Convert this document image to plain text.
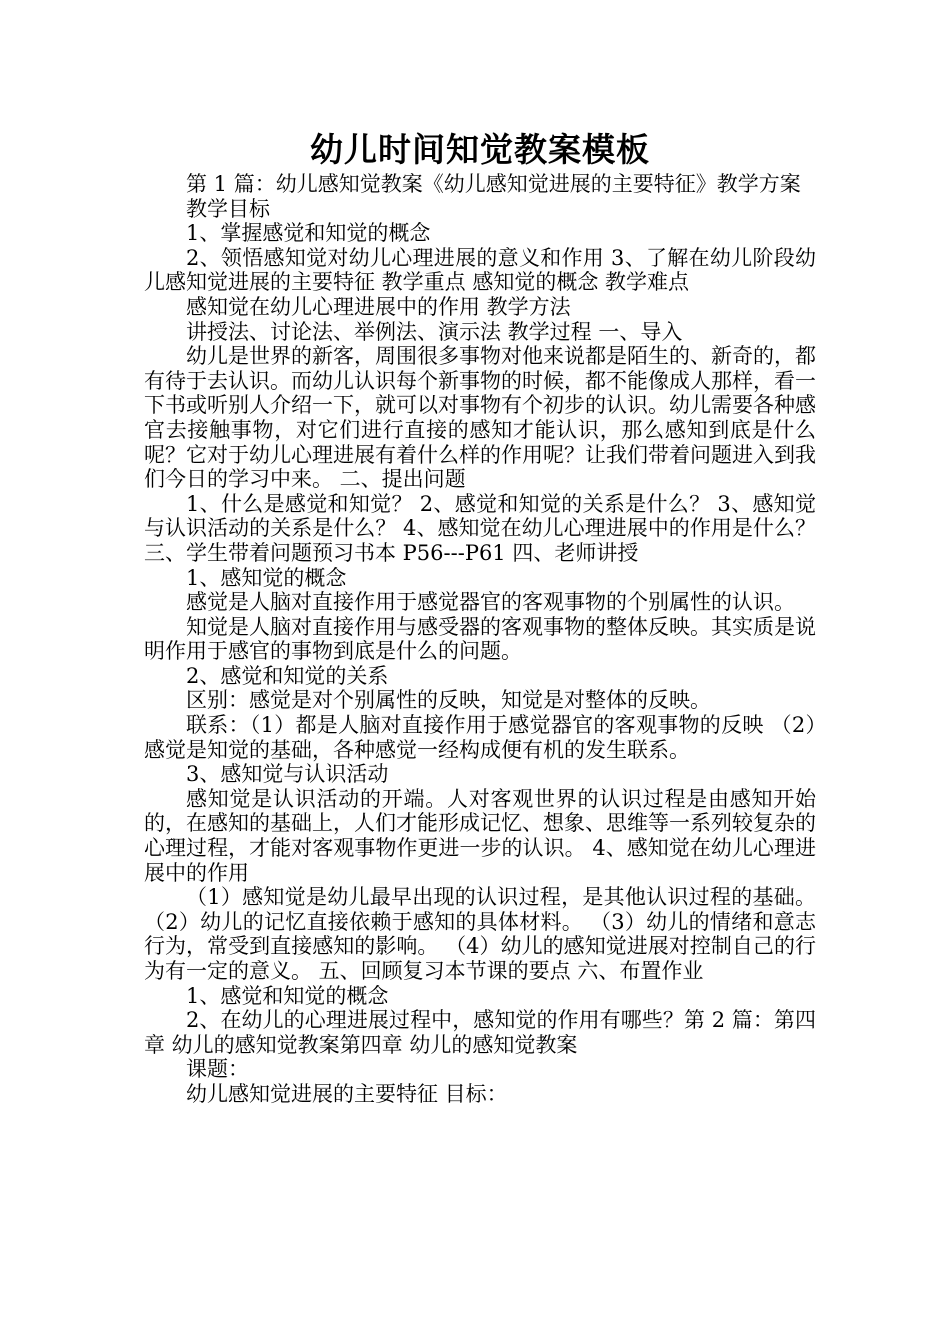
幼儿时间知觉教案模板

第 1 篇：幼儿感知觉教案《幼儿感知觉进展的主要特征》教学方案

教学目标

1、掌握感觉和知觉的概念

2、领悟感知觉对幼儿心理进展的意义和作用 3、了解在幼儿阶段幼儿感知觉进展的主要特征 教学重点 感知觉的概念 教学难点

感知觉在幼儿心理进展中的作用 教学方法

讲授法、讨论法、举例法、演示法 教学过程 一、导入

幼儿是世界的新客，周围很多事物对他来说都是陌生的、新奇的，都有待于去认识。而幼儿认识每个新事物的时候，都不能像成人那样，看一下书或听别人介绍一下，就可以对事物有个初步的认识。幼儿需要各种感官去接触事物，对它们进行直接的感知才能认识，那么感知到底是什么呢？它对于幼儿心理进展有着什么样的作用呢？让我们带着问题进入到我们今日的学习中来。 二、提出问题

1、什么是感觉和知觉？ 2、感觉和知觉的关系是什么？ 3、感知觉与认识活动的关系是什么？ 4、感知觉在幼儿心理进展中的作用是什么？ 三、学生带着问题预习书本 P56---P61 四、老师讲授

1、感知觉的概念

感觉是人脑对直接作用于感觉器官的客观事物的个别属性的认识。

知觉是人脑对直接作用与感受器的客观事物的整体反映。其实质是说明作用于感官的事物到底是什么的问题。

2、感觉和知觉的关系

区别：感觉是对个别属性的反映，知觉是对整体的反映。

联系：（1）都是人脑对直接作用于感觉器官的客观事物的反映 （2）感觉是知觉的基础，各种感觉一经构成便有机的发生联系。

3、感知觉与认识活动

感知觉是认识活动的开端。人对客观世界的认识过程是由感知开始的，在感知的基础上，人们才能形成记忆、想象、思维等一系列较复杂的心理过程，才能对客观事物作更进一步的认识。 4、感知觉在幼儿心理进展中的作用

（1）感知觉是幼儿最早出现的认识过程，是其他认识过程的基础。 （2）幼儿的记忆直接依赖于感知的具体材料。 （3）幼儿的情绪和意志行为，常受到直接感知的影响。 （4）幼儿的感知觉进展对控制自己的行为有一定的意义。 五、回顾复习本节课的要点 六、布置作业

1、感觉和知觉的概念

2、在幼儿的心理进展过程中，感知觉的作用有哪些？第 2 篇：第四章 幼儿的感知觉教案第四章 幼儿的感知觉教案

课题：

幼儿感知觉进展的主要特征 目标：
